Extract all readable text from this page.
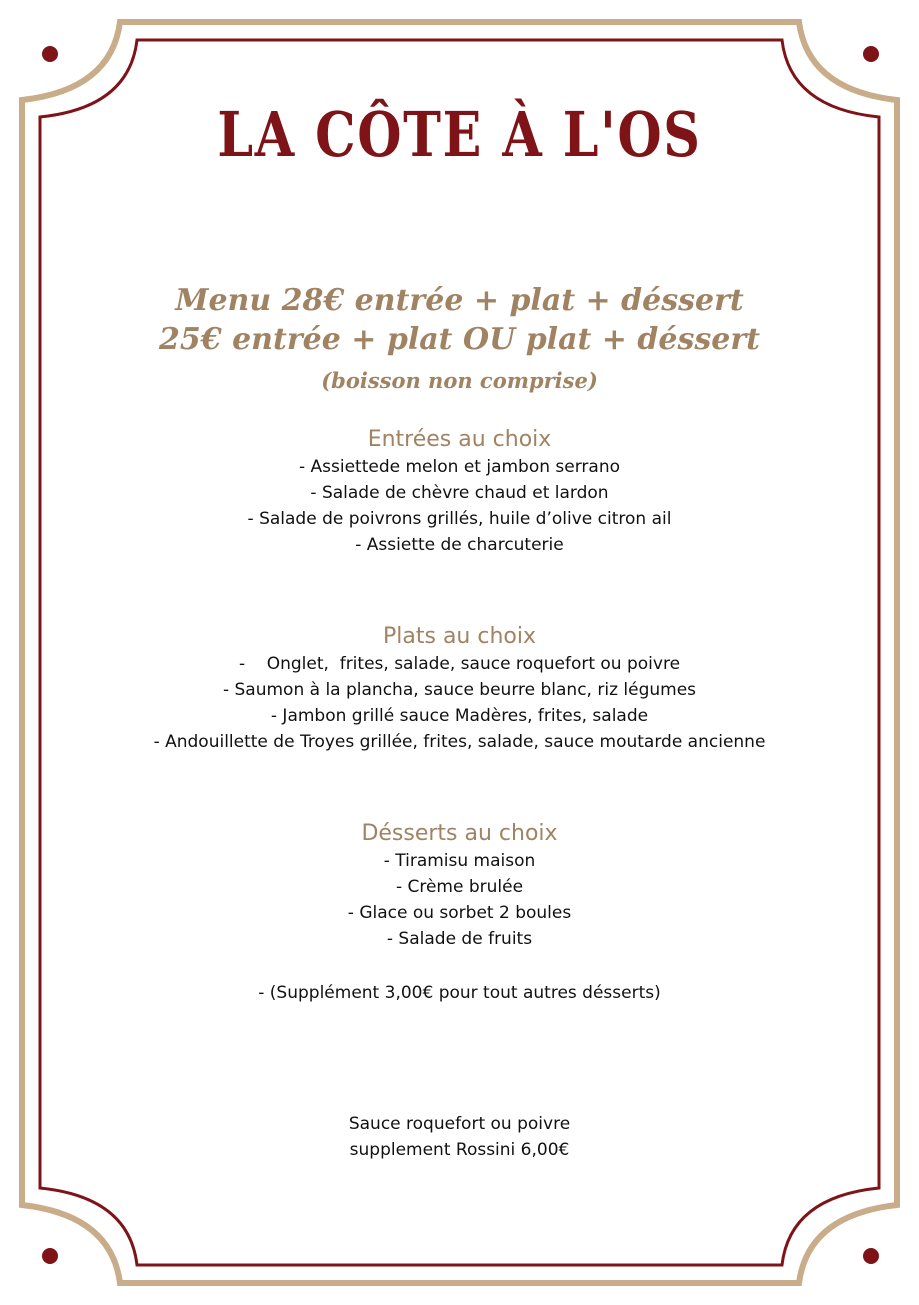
LA CÔTE À L'OS
Menu 28€ entrée + plat + déssert
25€ entrée + plat OU plat + déssert
(boisson non comprise)
Entrées au choix
- Assiettede melon et jambon serrano
- Salade de chèvre chaud et lardon
- Salade de poivrons grillés, huile d’olive citron ail
- Assiette de charcuterie
Plats au choix
-    Onglet,  frites, salade, sauce roquefort ou poivre
- Saumon à la plancha, sauce beurre blanc, riz légumes
- Jambon grillé sauce Madères, frites, salade
- Andouillette de Troyes grillée, frites, salade, sauce moutarde ancienne
Désserts au choix
- Tiramisu maison
- Crème brulée
- Glace ou sorbet 2 boules
- Salade de fruits
- (Supplément 3,00€ pour tout autres désserts)
Sauce roquefort ou poivre
supplement Rossini 6,00€
